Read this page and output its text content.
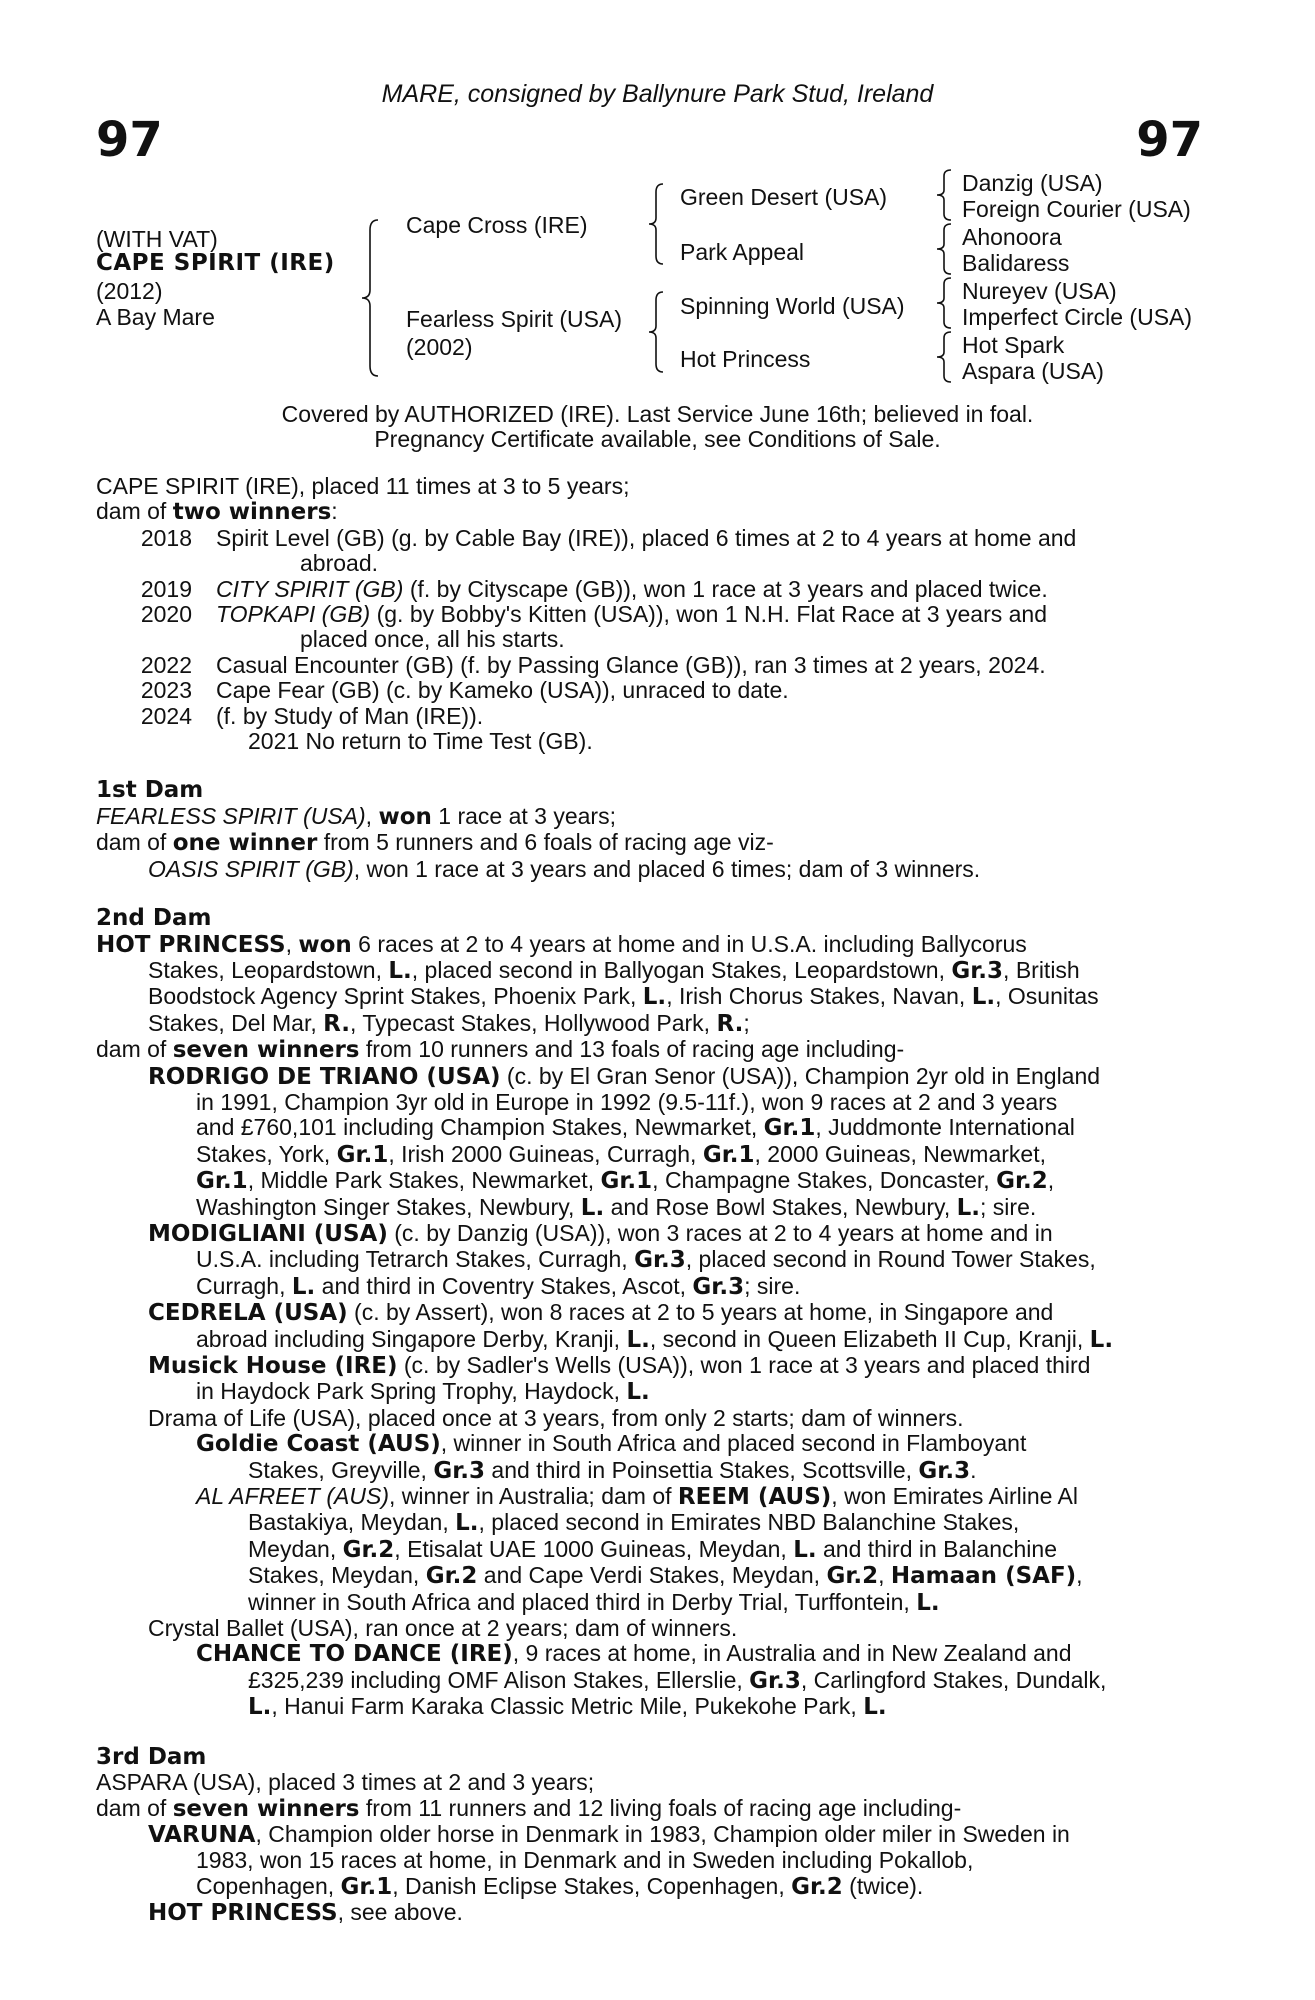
MARE, consigned by Ballynure Park Stud, Ireland
97	97
(WITH VAT)
CAPE SPIRIT (IRE)
(2012)
A Bay Mare
Cape Cross (IRE)
Fearless Spirit (USA)
(2002)
Green Desert (USA)
Park Appeal
Spinning World (USA)
Hot Princess
Danzig (USA)
Foreign Courier (USA)
Ahonoora
Balidaress
Nureyev (USA)
Imperfect Circle (USA)
Hot Spark
Aspara (USA)
Covered by AUTHORIZED (IRE). Last Service June 16th; believed in foal.
Pregnancy Certificate available, see Conditions of Sale.
CAPE SPIRIT (IRE), placed 11 times at 3 to 5 years;
dam of two winners:
2018 Spirit Level (GB) (g. by Cable Bay (IRE)), placed 6 times at 2 to 4 years at home and
abroad.
2019 CITY SPIRIT (GB) (f. by Cityscape (GB)), won 1 race at 3 years and placed twice.
2020 TOPKAPI (GB) (g. by Bobby's Kitten (USA)), won 1 N.H. Flat Race at 3 years and
placed once, all his starts.
2022 Casual Encounter (GB) (f. by Passing Glance (GB)), ran 3 times at 2 years, 2024.
2023 Cape Fear (GB) (c. by Kameko (USA)), unraced to date.
2024 (f. by Study of Man (IRE)).
2021 No return to Time Test (GB).
1st Dam
FEARLESS SPIRIT (USA), won 1 race at 3 years;
dam of one winner from 5 runners and 6 foals of racing age viz-
OASIS SPIRIT (GB), won 1 race at 3 years and placed 6 times; dam of 3 winners.
2nd Dam
HOT PRINCESS, won 6 races at 2 to 4 years at home and in U.S.A. including Ballycorus
Stakes, Leopardstown, L., placed second in Ballyogan Stakes, Leopardstown, Gr.3, British
Boodstock Agency Sprint Stakes, Phoenix Park, L., Irish Chorus Stakes, Navan, L., Osunitas
Stakes, Del Mar, R., Typecast Stakes, Hollywood Park, R.;
dam of seven winners from 10 runners and 13 foals of racing age including-
RODRIGO DE TRIANO (USA) (c. by El Gran Senor (USA)), Champion 2yr old in England
in 1991, Champion 3yr old in Europe in 1992 (9.5-11f.), won 9 races at 2 and 3 years
and £760,101 including Champion Stakes, Newmarket, Gr.1, Juddmonte International
Stakes, York, Gr.1, Irish 2000 Guineas, Curragh, Gr.1, 2000 Guineas, Newmarket,
Gr.1, Middle Park Stakes, Newmarket, Gr.1, Champagne Stakes, Doncaster, Gr.2,
Washington Singer Stakes, Newbury, L. and Rose Bowl Stakes, Newbury, L.; sire.
MODIGLIANI (USA) (c. by Danzig (USA)), won 3 races at 2 to 4 years at home and in
U.S.A. including Tetrarch Stakes, Curragh, Gr.3, placed second in Round Tower Stakes,
Curragh, L. and third in Coventry Stakes, Ascot, Gr.3; sire.
CEDRELA (USA) (c. by Assert), won 8 races at 2 to 5 years at home, in Singapore and
abroad including Singapore Derby, Kranji, L., second in Queen Elizabeth II Cup, Kranji, L.
Musick House (IRE) (c. by Sadler's Wells (USA)), won 1 race at 3 years and placed third
in Haydock Park Spring Trophy, Haydock, L.
Drama of Life (USA), placed once at 3 years, from only 2 starts; dam of winners.
Goldie Coast (AUS), winner in South Africa and placed second in Flamboyant
Stakes, Greyville, Gr.3 and third in Poinsettia Stakes, Scottsville, Gr.3.
AL AFREET (AUS), winner in Australia; dam of REEM (AUS), won Emirates Airline Al
Bastakiya, Meydan, L., placed second in Emirates NBD Balanchine Stakes,
Meydan, Gr.2, Etisalat UAE 1000 Guineas, Meydan, L. and third in Balanchine
Stakes, Meydan, Gr.2 and Cape Verdi Stakes, Meydan, Gr.2, Hamaan (SAF),
winner in South Africa and placed third in Derby Trial, Turffontein, L.
Crystal Ballet (USA), ran once at 2 years; dam of winners.
CHANCE TO DANCE (IRE), 9 races at home, in Australia and in New Zealand and
£325,239 including OMF Alison Stakes, Ellerslie, Gr.3, Carlingford Stakes, Dundalk,
L., Hanui Farm Karaka Classic Metric Mile, Pukekohe Park, L.
3rd Dam
ASPARA (USA), placed 3 times at 2 and 3 years;
dam of seven winners from 11 runners and 12 living foals of racing age including-
VARUNA, Champion older horse in Denmark in 1983, Champion older miler in Sweden in
1983, won 15 races at home, in Denmark and in Sweden including Pokallob,
Copenhagen, Gr.1, Danish Eclipse Stakes, Copenhagen, Gr.2 (twice).
HOT PRINCESS, see above.
